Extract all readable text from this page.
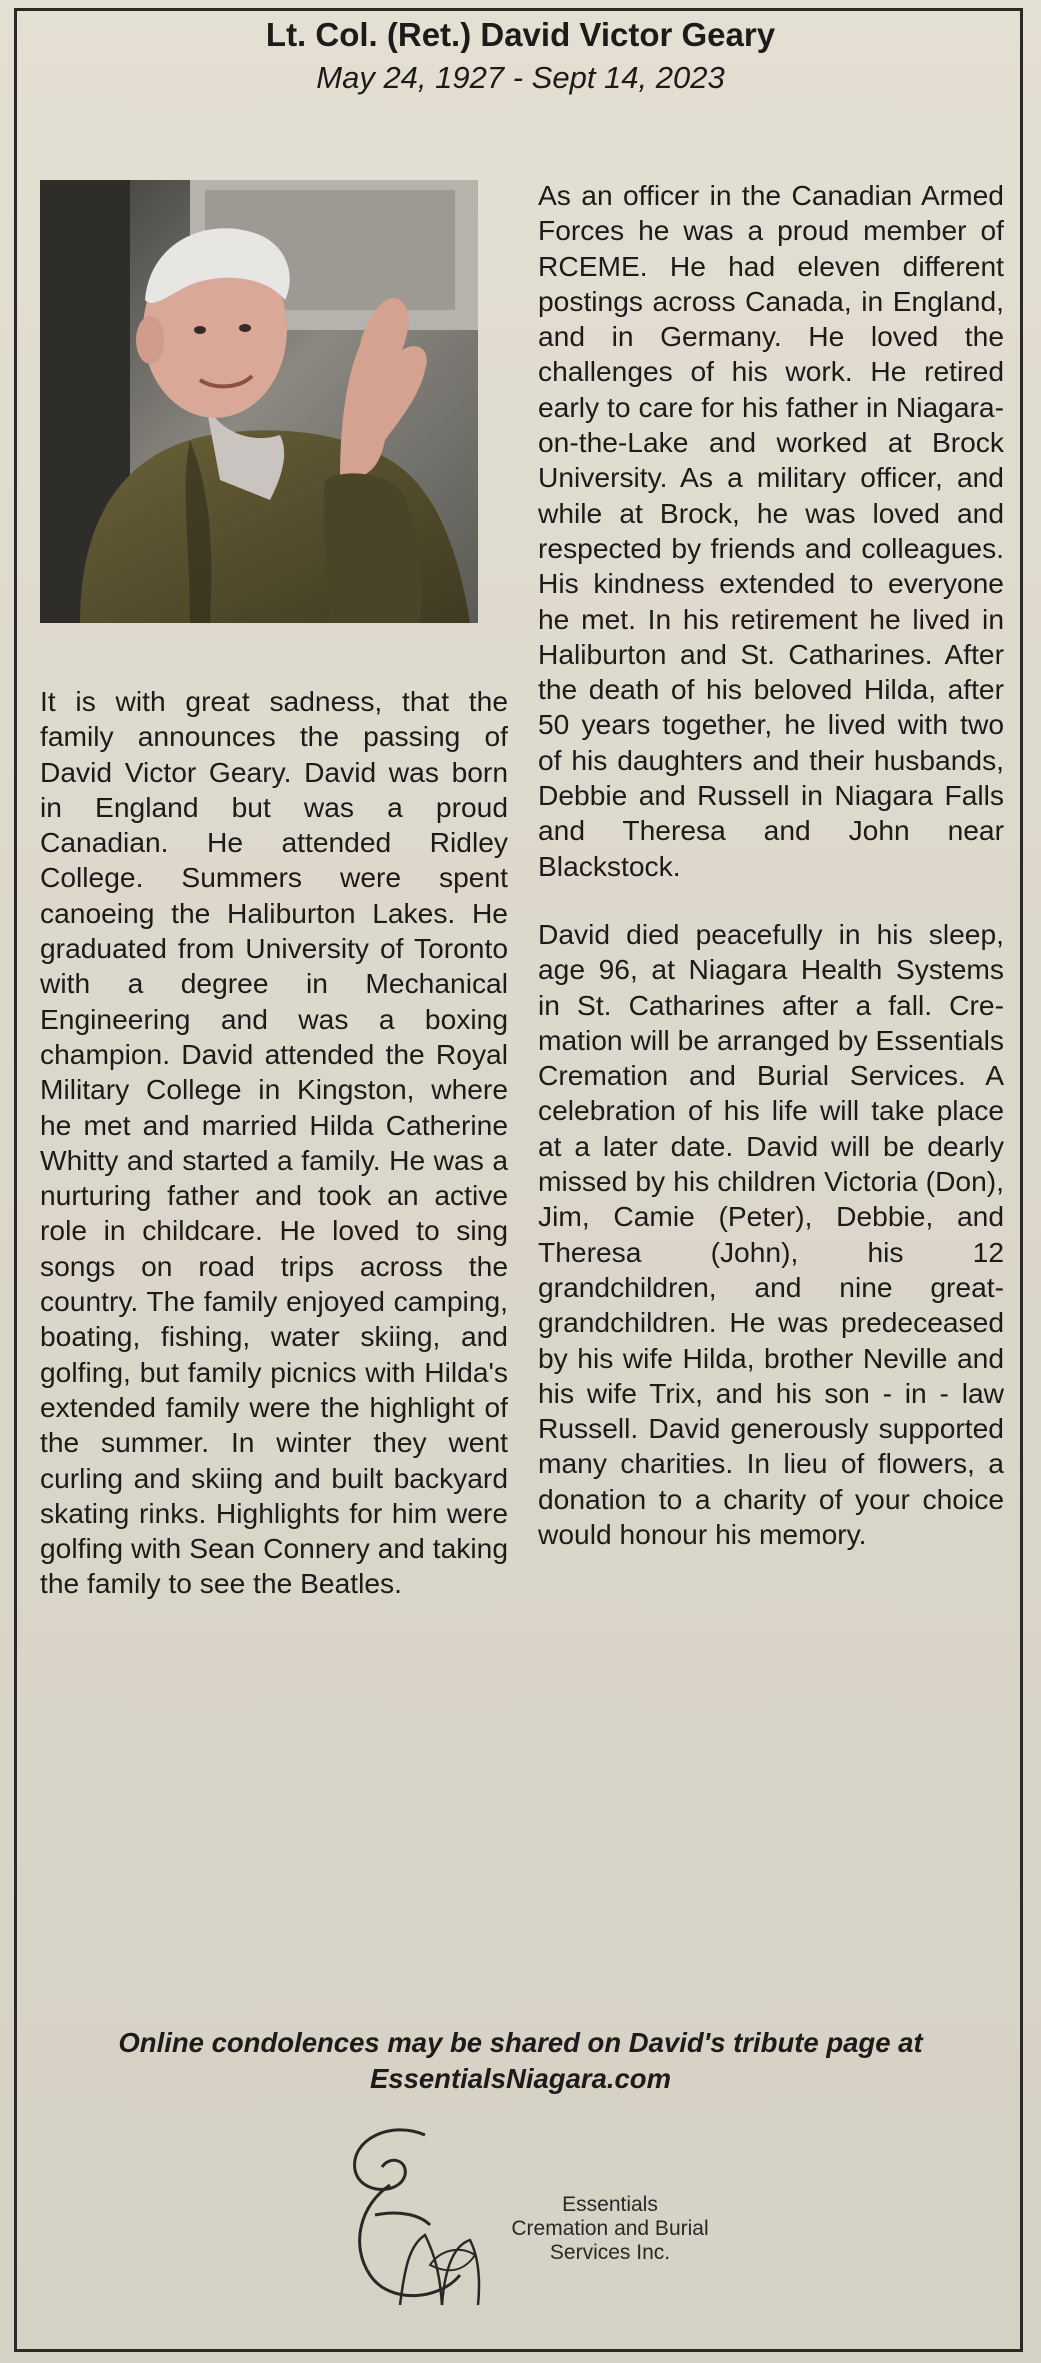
Lt. Col. (Ret.) David Victor Geary
May 24, 1927 - Sept 14, 2023

It is with great sadness, that the family announces the passing of David Victor Geary. David was born in England but was a proud Canadian. He attended Ridley College. Summers were spent canoeing the Haliburton Lakes. He graduated from University of Toronto with a degree in Mechanical Engineering and was a boxing champion. David attended the Royal Military College in Kingston, where he met and married Hilda Catherine Whitty and started a family. He was a nurturing father and took an active role in childcare. He loved to sing songs on road trips across the country. The family enjoyed camping, boating, fishing, water skiing, and golfing, but family picnics with Hilda's extended family were the highlight of the summer. In winter they went curling and skiing and built backyard skating rinks. Highlights for him were golfing with Sean Connery and taking the family to see the Beatles.

As an officer in the Canadian Armed Forces he was a proud member of RCEME. He had eleven different postings across Canada, in England, and in Germany. He loved the challenges of his work. He retired early to care for his father in Niagara-on-the-Lake and worked at Brock University. As a military officer, and while at Brock, he was loved and respected by friends and colleagues. His kindness extended to everyone he met. In his retirement he lived in Haliburton and St. Catharines. After the death of his beloved Hilda, after 50 years together, he lived with two of his daughters and their husbands, Debbie and Russell in Niagara Falls and Theresa and John near Blackstock.

David died peacefully in his sleep, age 96, at Niagara Health Systems in St. Catharines after a fall. Cremation will be arranged by Essentials Cremation and Burial Services. A celebration of his life will take place at a later date. David will be dearly missed by his children Victoria (Don), Jim, Camie (Peter), Debbie, and Theresa (John), his 12 grandchildren, and nine great-grandchildren. He was predeceased by his wife Hilda, brother Neville and his wife Trix, and his son - in - law Russell. David generously supported many charities. In lieu of flowers, a donation to a charity of your choice would honour his memory.

Online condolences may be shared on David's tribute page at
EssentialsNiagara.com
Essentials
Cremation and Burial
Services Inc.
